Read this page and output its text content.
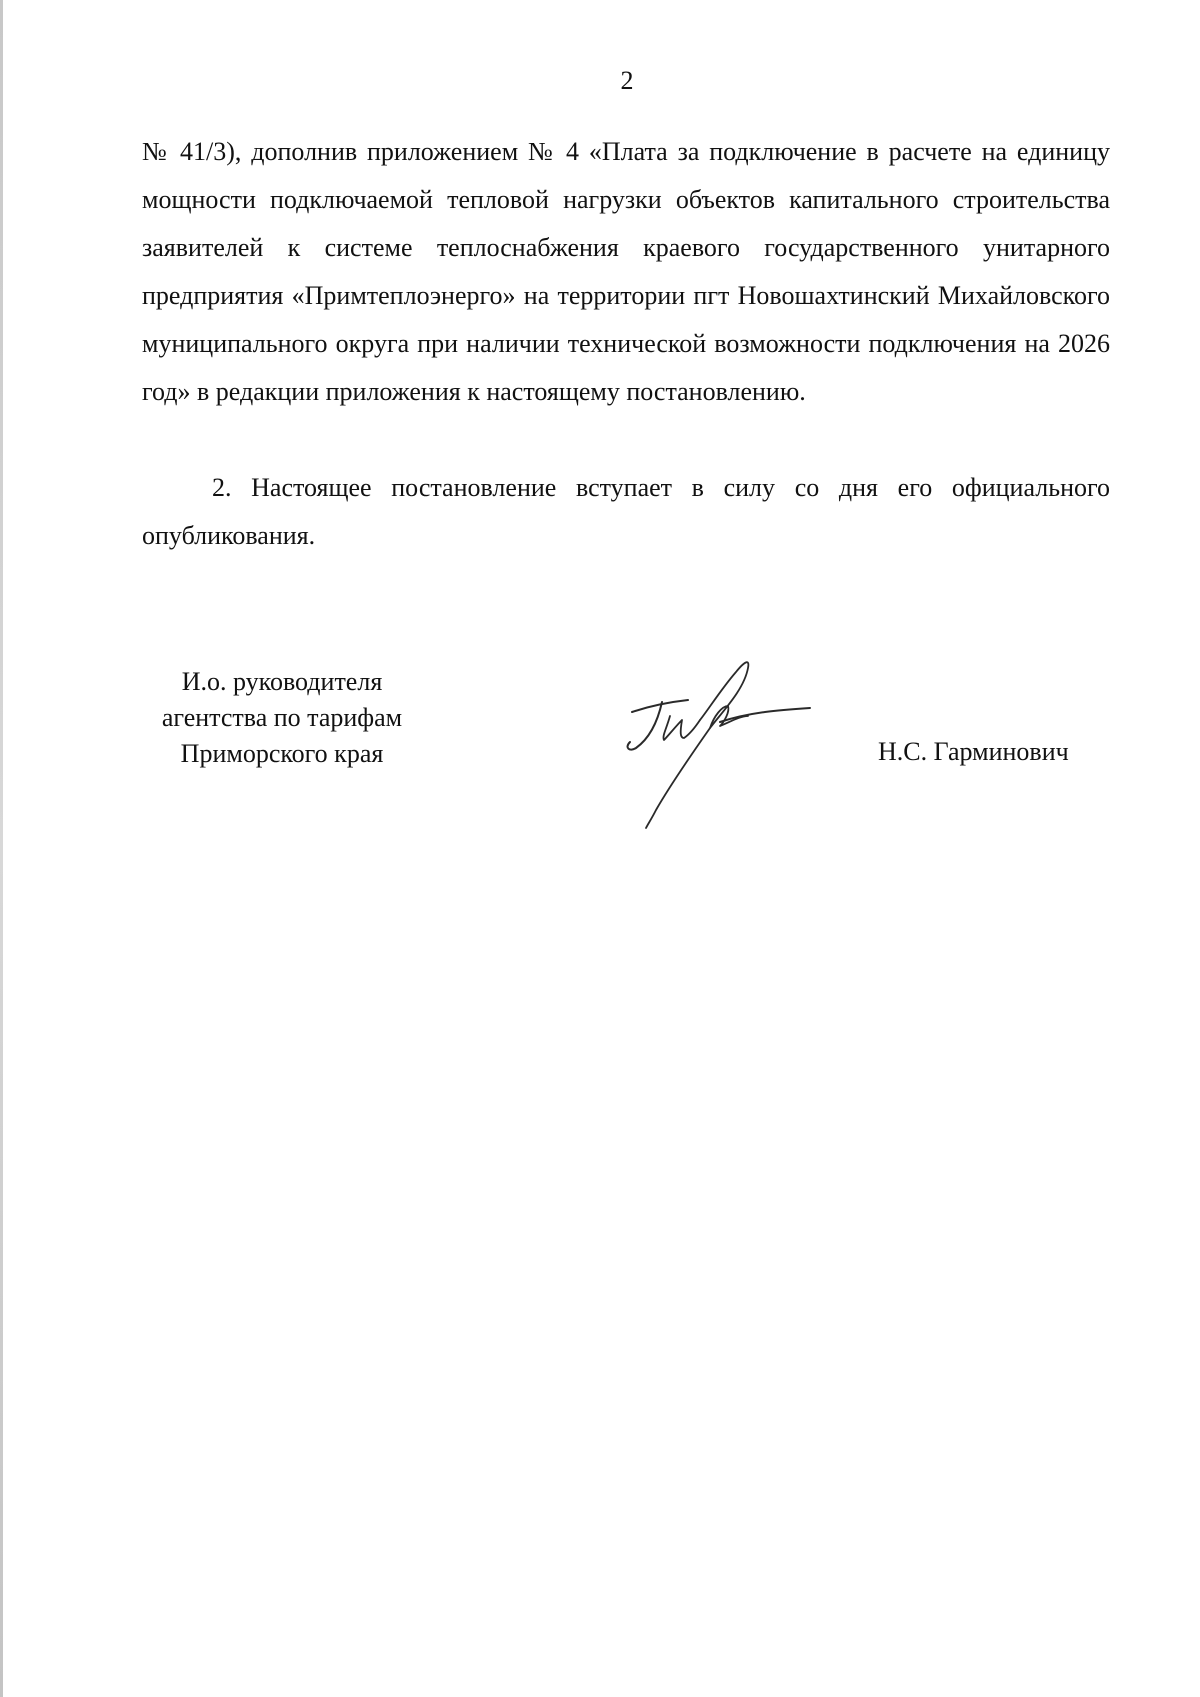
2

№ 41/3), дополнив приложением № 4 «Плата за подключение в расчете на единицу мощности подключаемой тепловой нагрузки объектов капитального строительства заявителей к системе теплоснабжения краевого государственного унитарного предприятия «Примтеплоэнерго» на территории пгт Новошахтинский Михайловского муниципального округа при наличии технической возможности подключения на 2026 год» в редакции приложения к настоящему постановлению.

2. Настоящее постановление вступает в силу со дня его официального опубликования.

И.о. руководителя
агентства по тарифам
Приморского края	Н.С. Гарминович
